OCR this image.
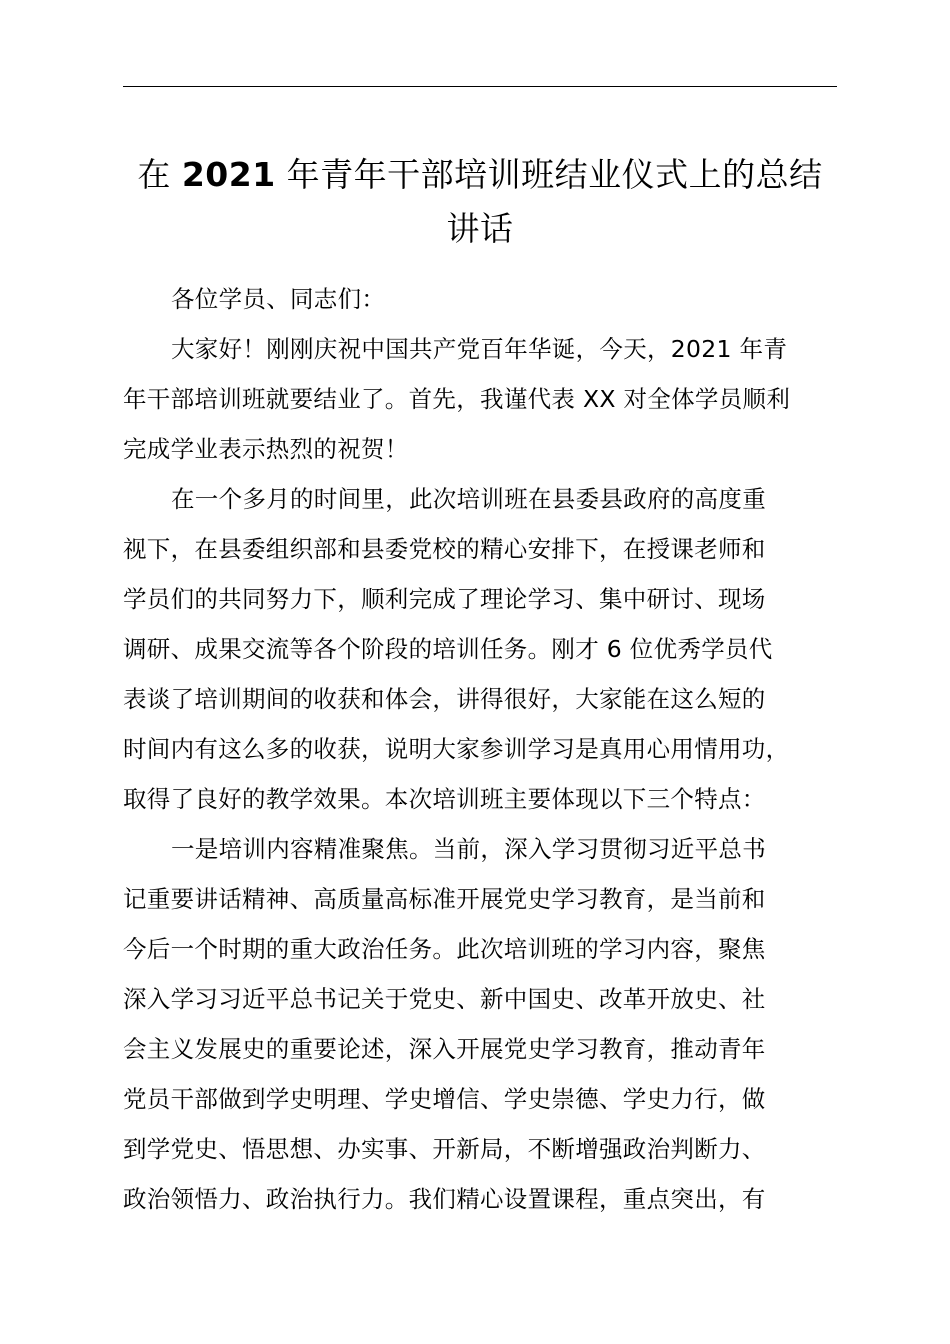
在 2021 年青年干部培训班结业仪式上的总结
讲话
各位学员、同志们：
大家好！刚刚庆祝中国共产党百年华诞，今天，2021 年青
年干部培训班就要结业了。首先，我谨代表 XX 对全体学员顺利
完成学业表示热烈的祝贺！
在一个多月的时间里，此次培训班在县委县政府的高度重
视下，在县委组织部和县委党校的精心安排下，在授课老师和
学员们的共同努力下，顺利完成了理论学习、集中研讨、现场
调研、成果交流等各个阶段的培训任务。刚才 6 位优秀学员代
表谈了培训期间的收获和体会，讲得很好，大家能在这么短的
时间内有这么多的收获，说明大家参训学习是真用心用情用功，
取得了良好的教学效果。本次培训班主要体现以下三个特点：
一是培训内容精准聚焦。当前，深入学习贯彻习近平总书
记重要讲话精神、高质量高标准开展党史学习教育，是当前和
今后一个时期的重大政治任务。此次培训班的学习内容，聚焦
深入学习习近平总书记关于党史、新中国史、改革开放史、社
会主义发展史的重要论述，深入开展党史学习教育，推动青年
党员干部做到学史明理、学史增信、学史崇德、学史力行，做
到学党史、悟思想、办实事、开新局，不断增强政治判断力、
政治领悟力、政治执行力。我们精心设置课程，重点突出，有
